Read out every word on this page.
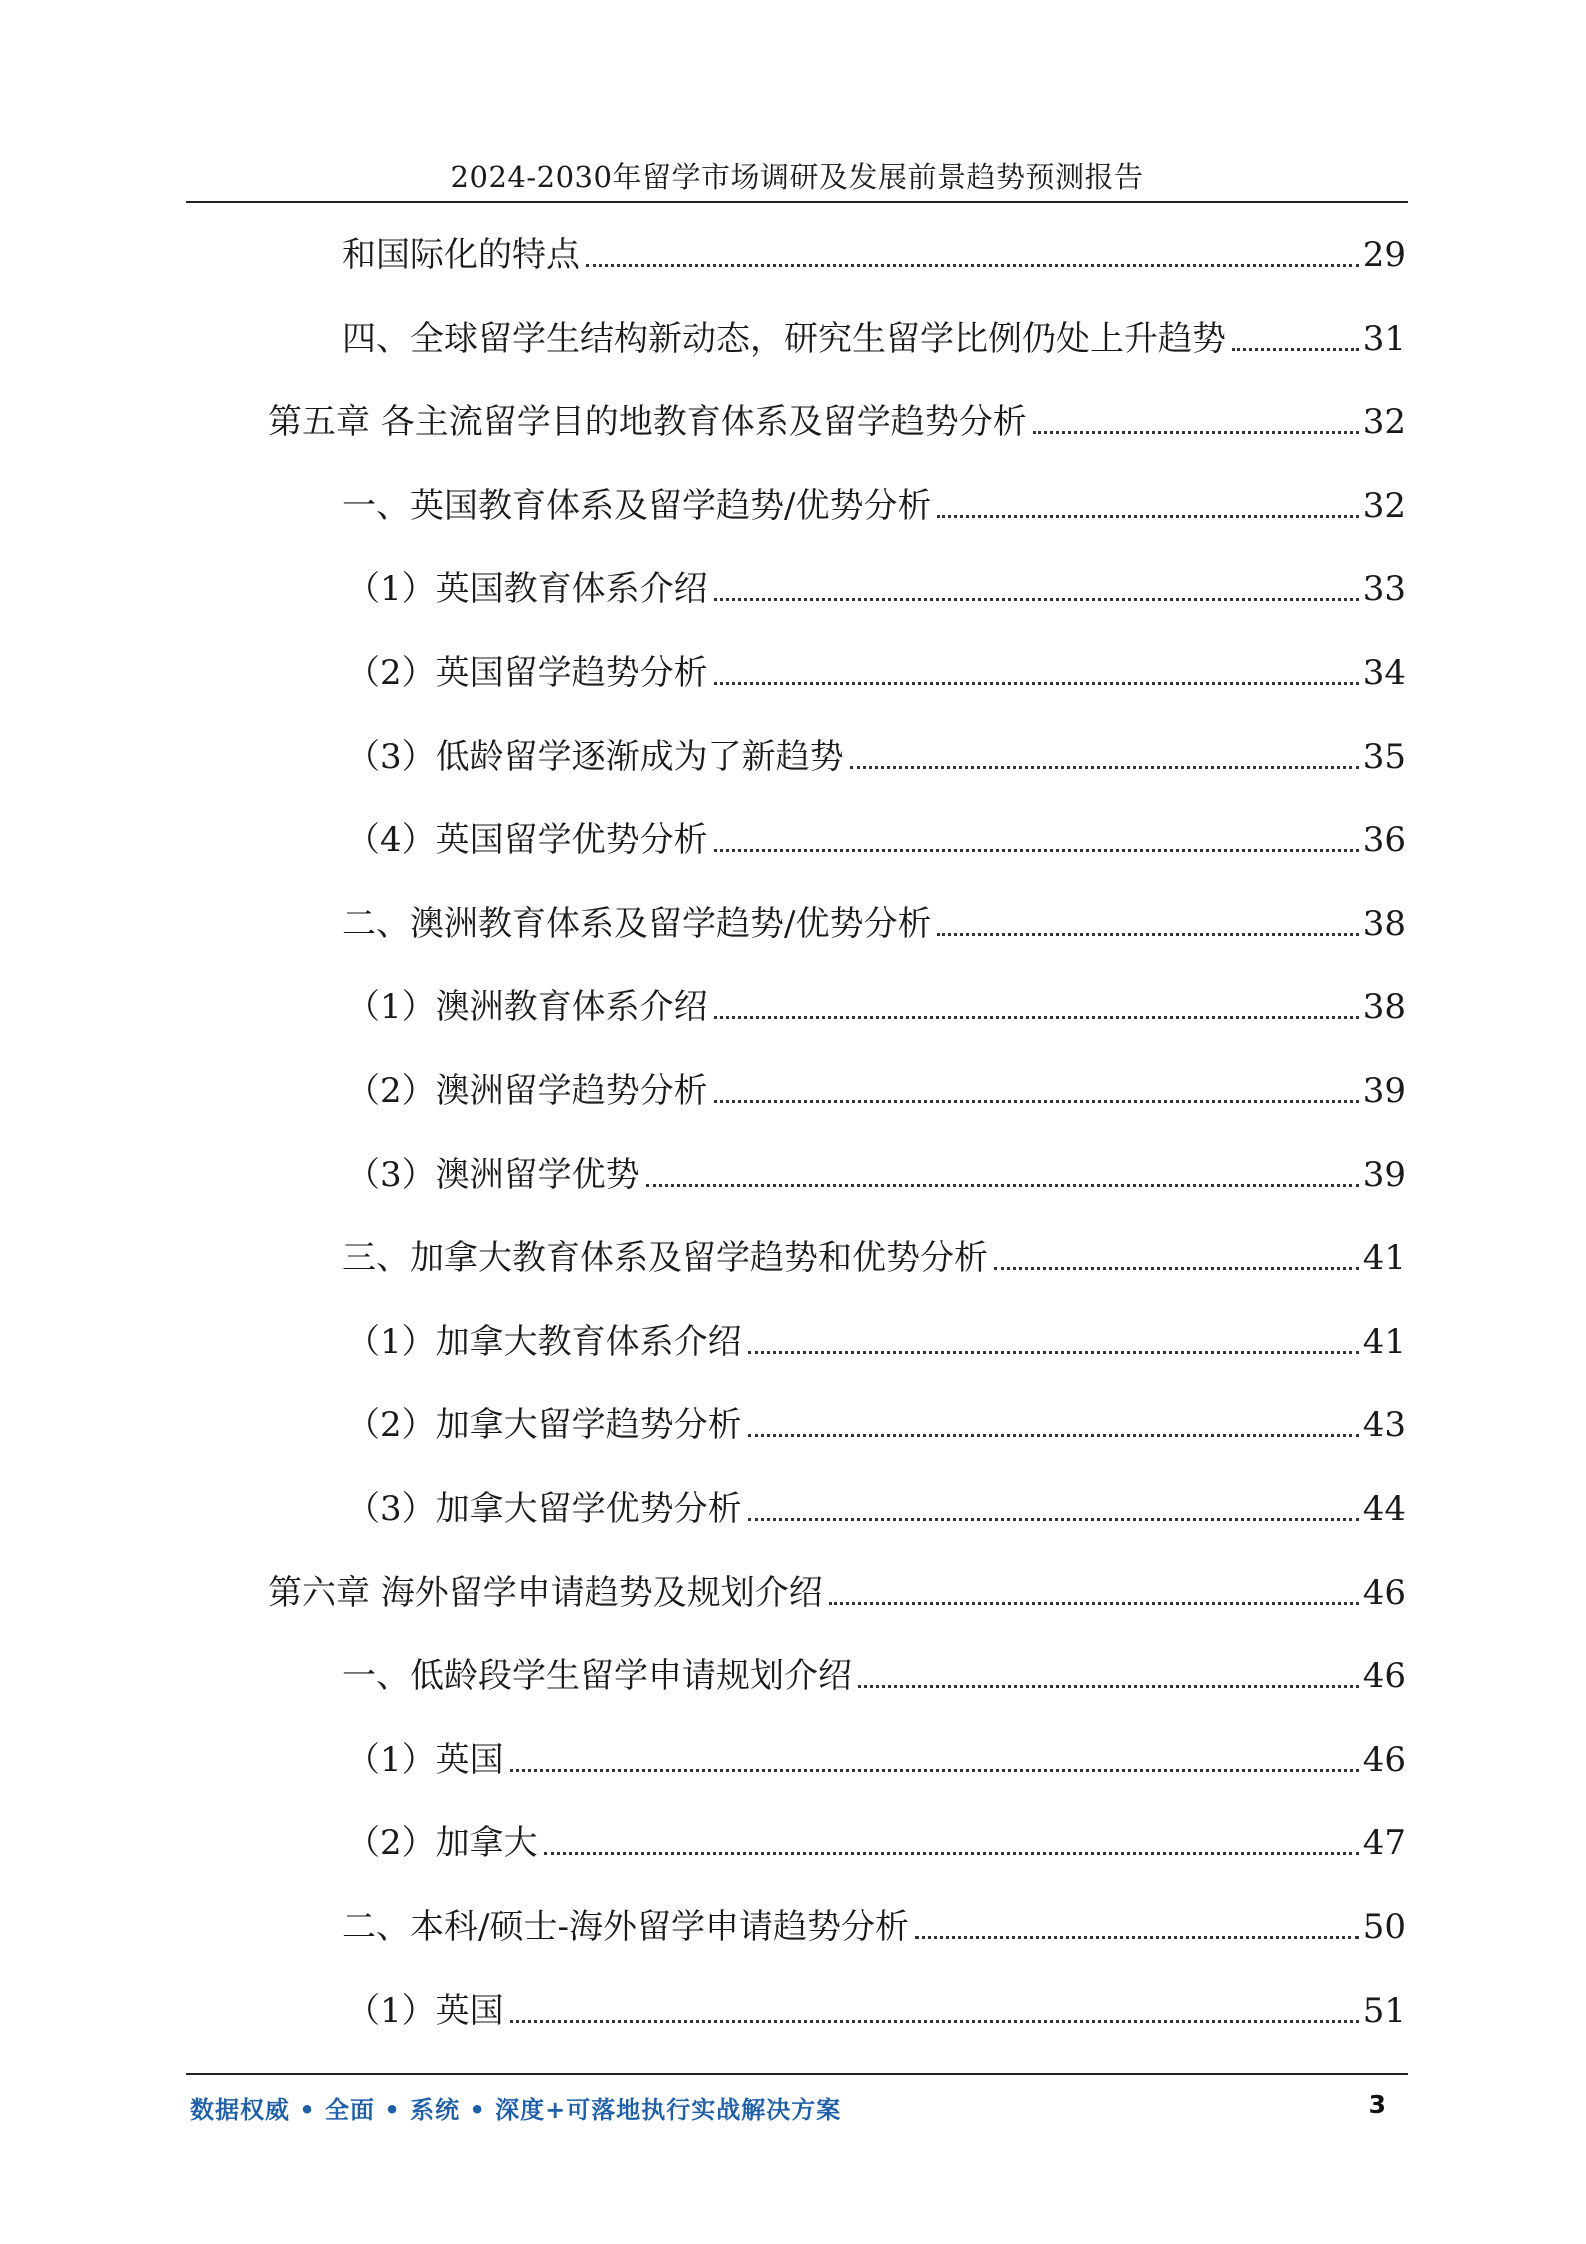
2024-2030年留学市场调研及发展前景趋势预测报告
和国际化的特点	29
四、全球留学生结构新动态，研究生留学比例仍处上升趋势	31
第五章 各主流留学目的地教育体系及留学趋势分析	32
一、英国教育体系及留学趋势/优势分析	32
（1）英国教育体系介绍	33
（2）英国留学趋势分析	34
（3）低龄留学逐渐成为了新趋势	35
（4）英国留学优势分析	36
二、澳洲教育体系及留学趋势/优势分析	38
（1）澳洲教育体系介绍	38
（2）澳洲留学趋势分析	39
（3）澳洲留学优势	39
三、加拿大教育体系及留学趋势和优势分析	41
（1）加拿大教育体系介绍	41
（2）加拿大留学趋势分析	43
（3）加拿大留学优势分析	44
第六章 海外留学申请趋势及规划介绍	46
一、低龄段学生留学申请规划介绍	46
（1）英国	46
（2）加拿大	47
二、本科/硕士-海外留学申请趋势分析	50
（1）英国	51
数据权威 • 全面 • 系统 • 深度+可落地执行实战解决方案	3
